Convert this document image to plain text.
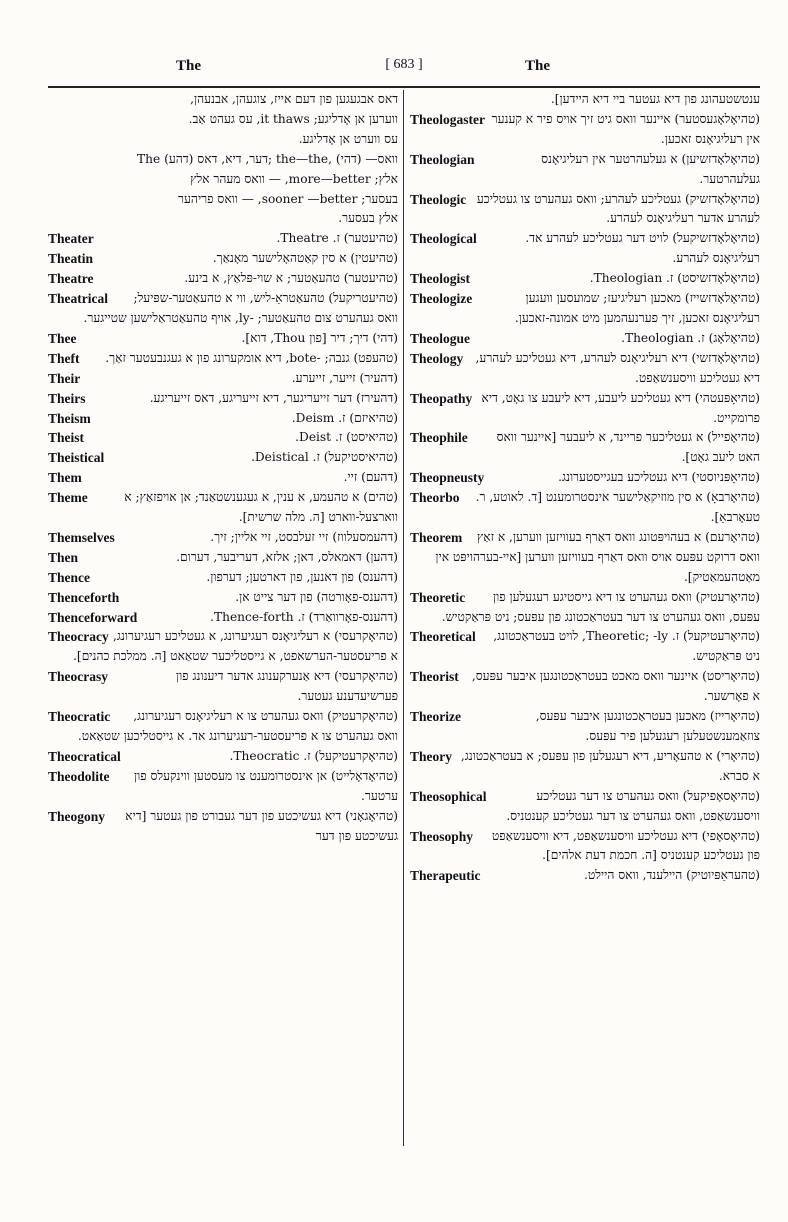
The	[ 683 ]	The

דאס אבגעגען פון דעם אייז, צוגעהן, אבנעהן,

ווערען אן אָדליגע; it thaws, עס געהט אַב.

עס ווערט אן אָדליגע.

The (דהע) דער, דיא, דאס; the—the, וואס— (דהי)

אלץ; more—better, — וואס מעהר אלץ

בעסער; sooner —better, — וואס פריהער

אלץ בעסער.

Theater	(טהיעטער) ז. Theatre.
Theatin	(טהיעטין) א סין קאַטהאָלישער מאָנאַך.
Theatre	(טהיעטער) טהעאַטער; א שוי-פּלאַץ, א בינע.
Theatrical	(טהיעטריקעל) טהעאַטראַ-ליש, ווי א טהעאַטער-שפּיעל; וואס געהערט צום טהעאַטער; -ly, אויף טהעאַטראַלישען שטייגער.
Thee	(דהי) דיך; דיר [פון Thou, דוא].
Theft	(טהעפט) גנבה; -bote, דיא אומקערונג פון א געגנבעטער זאַך.
Their	(דהעיר) זייער, זייערע.
Theirs	(דהעירז) דער זייעריגער, דיא זייעריגע, דאס זייעריגע.
Theism	(טהיאיזם) ז. Deism.
Theist	(טהיאיסט) ז. Deist.
Theistical	(טהיאיסטיקעל) ז. Deistical.
Them	(דהעם) זיי.
Theme	(טהים) א טהעמע, א ענין, א געגענשטאַנד; אן אויפזאַץ; א ווארצעל-ווארט [ה. מלה שרשית].
Themselves	(דהעמסעלווז) זיי זעלבסט, זיי אליין; זיך.
Then	(דהען) דאמאלס, דאן; אלזא, דעריבער, דערום.
Thence	(דהענס) פון דאנען, פון דארטען; דערפון.
Thenceforth	(דהענס-פאָורטה) פון דער צייט אן.
Thenceforward	(דהענס-פאָרוואַרד) ז. Thence-forth.
Theocracy (טהיאָקרעסי) א רעליגיאָנס רעגיערונג, א געטליכע רעגיערונג, א פריעסטער-הערשאפט, א גייסטליכער שטאַאט [ה. ממלכת כהנים].
Theocrasy	(טהיאָקרעסי) דיא אַנערקענונג אדער דיענונג פון פערשיעדענע געטער.
Theocratic	(טהיאָקרעטיק) וואס געהערט צו א רעליגיאָנס רעגיערונג, וואס געהערט צו א פריעסטער-רעגיערונג אד. א גייסטליכען שטאַאט.
Theocratical	(טהיאָקרעטיקעל) ז. Theocratic.
Theodolite	(טהיאָדאָלייט) אן אינסטרומענט צו מעסטען ווינקעלס פון ערטער.
Theogony	(טהיאָגאָני) דיא געשיכטע פון דער געבורט פון געטער [דיא געשיכטע פון דער

ענטשטעהונג פון דיא געטער ביי דיא היידען].

Theologaster (טהיאָלאָגעסטער) איינער וואס גיט זיך אויס פיר א קענער אין רעליגיאָנס זאכען.
Theologian	(טהיאָלאָדזשיען) א געלעהרטער אין רעליגיאָנס געלעהרטער.
Theologic (טהיאָלאָדזשיק) געטליכע לעהרע; וואס געהערט צו געטליכע לעהרע אדער רעליגיאָנס לעהרע.
Theological	(טהיאָלאָדזשיקעל) לויט דער געטליכע לעהרע אד. רעליגיאָנס לעהרע.
Theologist	(טהיאָלאָדזשיסט) ז. Theologian.
Theologize	(טהיאָלאָדזשייז) מאכען רעליגיעז; שמועסען וועגען רעליגיאָנס זאכען, זיך פערנעהמען מיט אמונה-זאכען.
Theologue	(טהיאָלאָג) ז. Theologian.
Theology	(טהיאָלאָדזשי) דיא רעליגיאָנס לעהרע, דיא געטליכע לעהרע, דיא געטליכע וויסענשאַפט.
Theopathy (טהיאָפּעטהי) דיא געטליכע ליעבע, דיא ליעבע צו גאָט, דיא פרומקייט.
Theophile	(טהיאָפייל) א געטליכער פריינד, א ליעבער [איינער וואס האט ליעב גאָט].
Theopneusty	(טהיאָפּניוסטי) דיא געטליכע בעגייסטערונג.
Theorbo	(טהיאָרבאָ) א סין מוזיקאַלישער אינסטרומענט [ד. לאוטע, ר. טעאָרבאַ].
Theorem	(טהיאָרעם) א בעהויפּטונג וואס דאַרף בעוויזען ווערען, א זאַץ וואס דרוקט עפּעס אויס וואס דאַרף בעוויזען ווערען [איי-בערהויפּט אין מאַטהעמאַטיק].
Theoretic	(טהיאָרעטיק) וואס געהערט צו דיא גייסטיגע רעגעלען פון עפּעס, וואס געהערט צו דער בעטראַכטונג פון עפּעס; ניט פּראַקטיש.
Theoretical	(טהיאָרעטיקעל) ז. Theoretic; -ly, לויט בעטראַכטונג, ניט פּראַקטיש.
Theorist	(טהיאָריסט) איינער וואס מאכט בעטראַכטונגען איבער עפּעס, א פאָרשער.
Theorize	(טהיאָרייז) מאכען בעטראַכטונגען איבער עפּעס, צוזאַמענשטעלען רעגעלען פיר עפּעס.
Theory (טהיאָרי) א טהעאָריע, דיא רעגעלען פון עפּעס; א בעטראַכטונג, א סברא.
Theosophical	(טהיאָסאָפיקעל) וואס געהערט צו דער געטליכע וויסענשאַפט, וואס געהערט צו דער געטליכע קענטניס.
Theosophy	(טהיאָסאָפי) דיא געטליכע וויסענשאַפט, דיא וויסענשאַפט פון געטליכע קענטניס [ה. חכמת דעת אלהים].
Therapeutic	(טהעראַפּיוטיק) היילענד, וואס היילט.
